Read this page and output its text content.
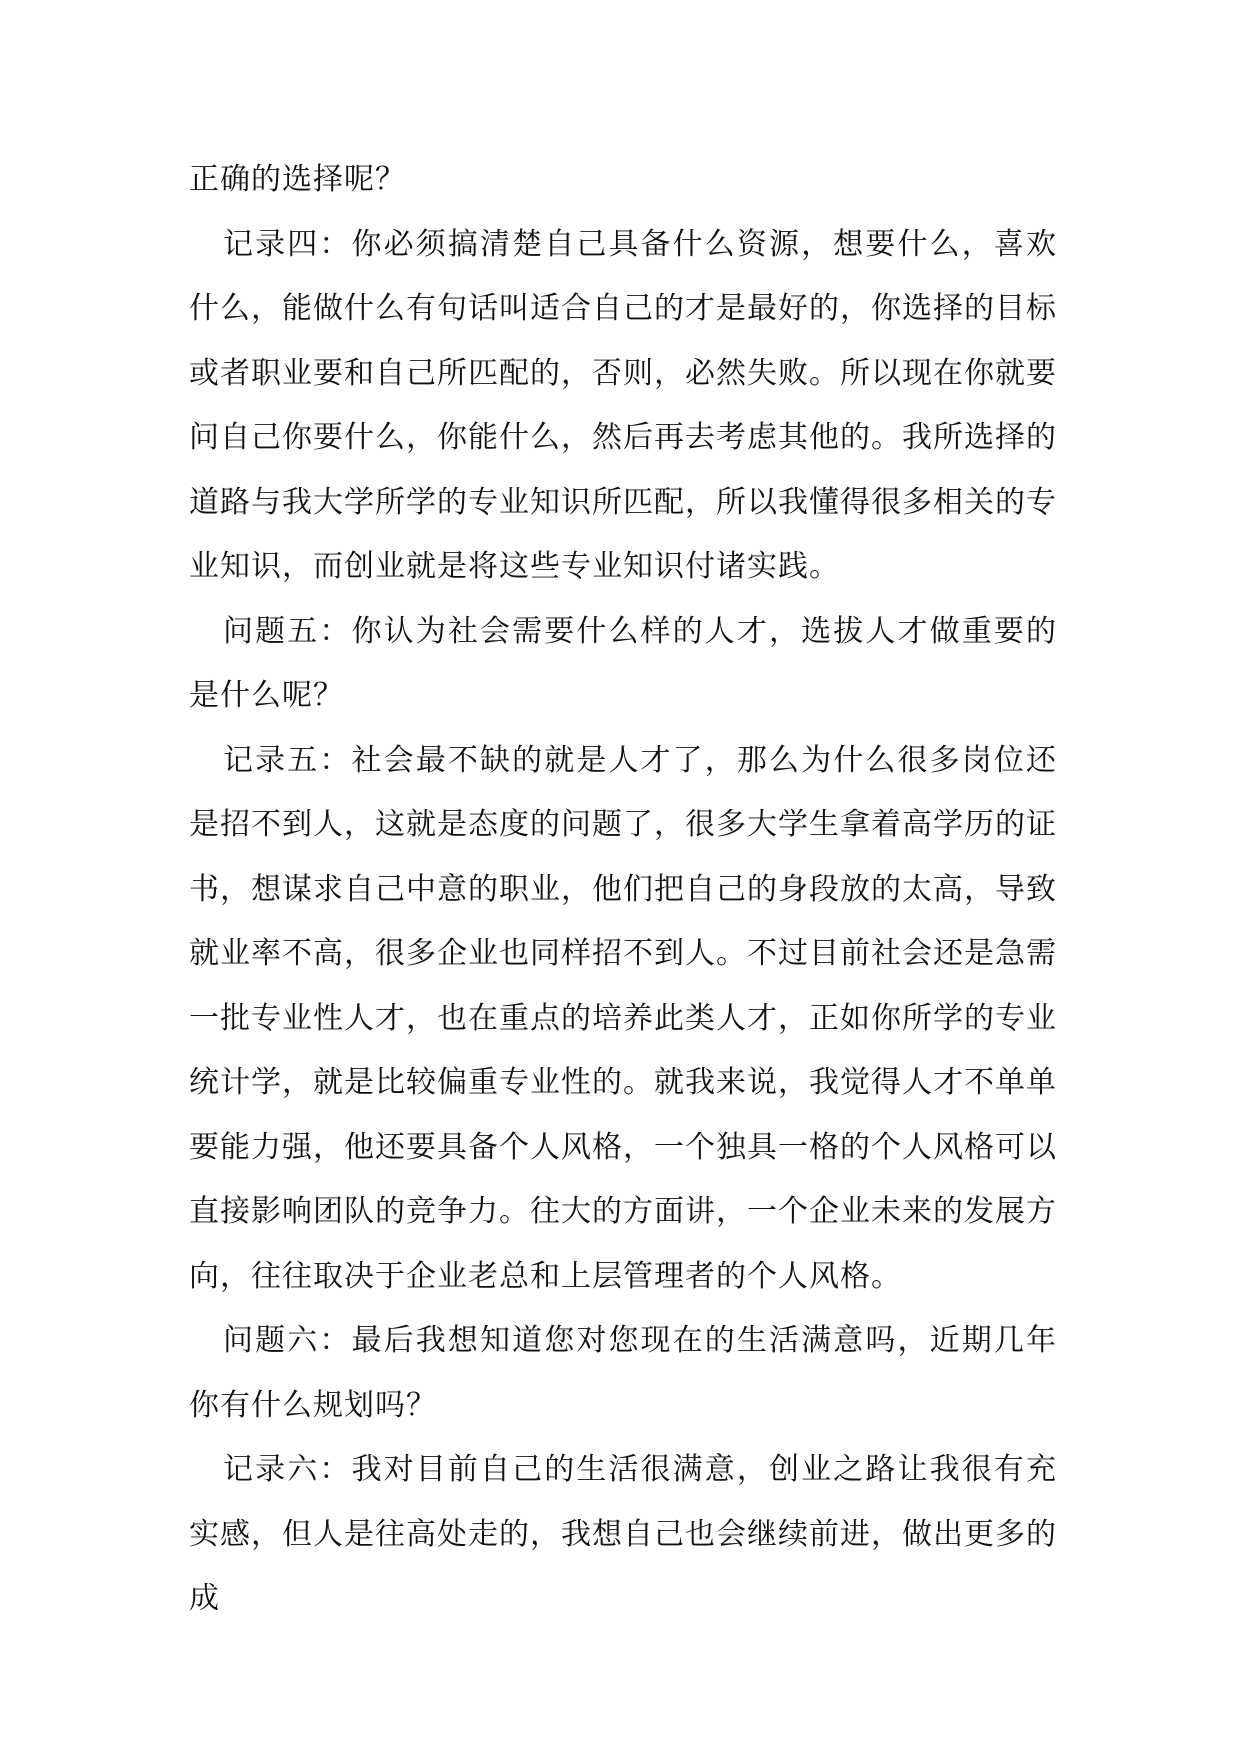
正确的选择呢？

记录四：你必须搞清楚自己具备什么资源，想要什么，喜欢什么，能做什么有句话叫适合自己的才是最好的，你选择的目标或者职业要和自己所匹配的，否则，必然失败。所以现在你就要问自己你要什么，你能什么，然后再去考虑其他的。我所选择的道路与我大学所学的专业知识所匹配，所以我懂得很多相关的专业知识，而创业就是将这些专业知识付诸实践。

问题五：你认为社会需要什么样的人才，选拔人才做重要的是什么呢？

记录五：社会最不缺的就是人才了，那么为什么很多岗位还是招不到人，这就是态度的问题了，很多大学生拿着高学历的证书，想谋求自己中意的职业，他们把自己的身段放的太高，导致就业率不高，很多企业也同样招不到人。不过目前社会还是急需一批专业性人才，也在重点的培养此类人才，正如你所学的专业统计学，就是比较偏重专业性的。就我来说，我觉得人才不单单要能力强，他还要具备个人风格，一个独具一格的个人风格可以直接影响团队的竞争力。往大的方面讲，一个企业未来的发展方向，往往取决于企业老总和上层管理者的个人风格。

问题六：最后我想知道您对您现在的生活满意吗，近期几年你有什么规划吗？

记录六：我对目前自己的生活很满意，创业之路让我很有充实感，但人是往高处走的，我想自己也会继续前进，做出更多的成
